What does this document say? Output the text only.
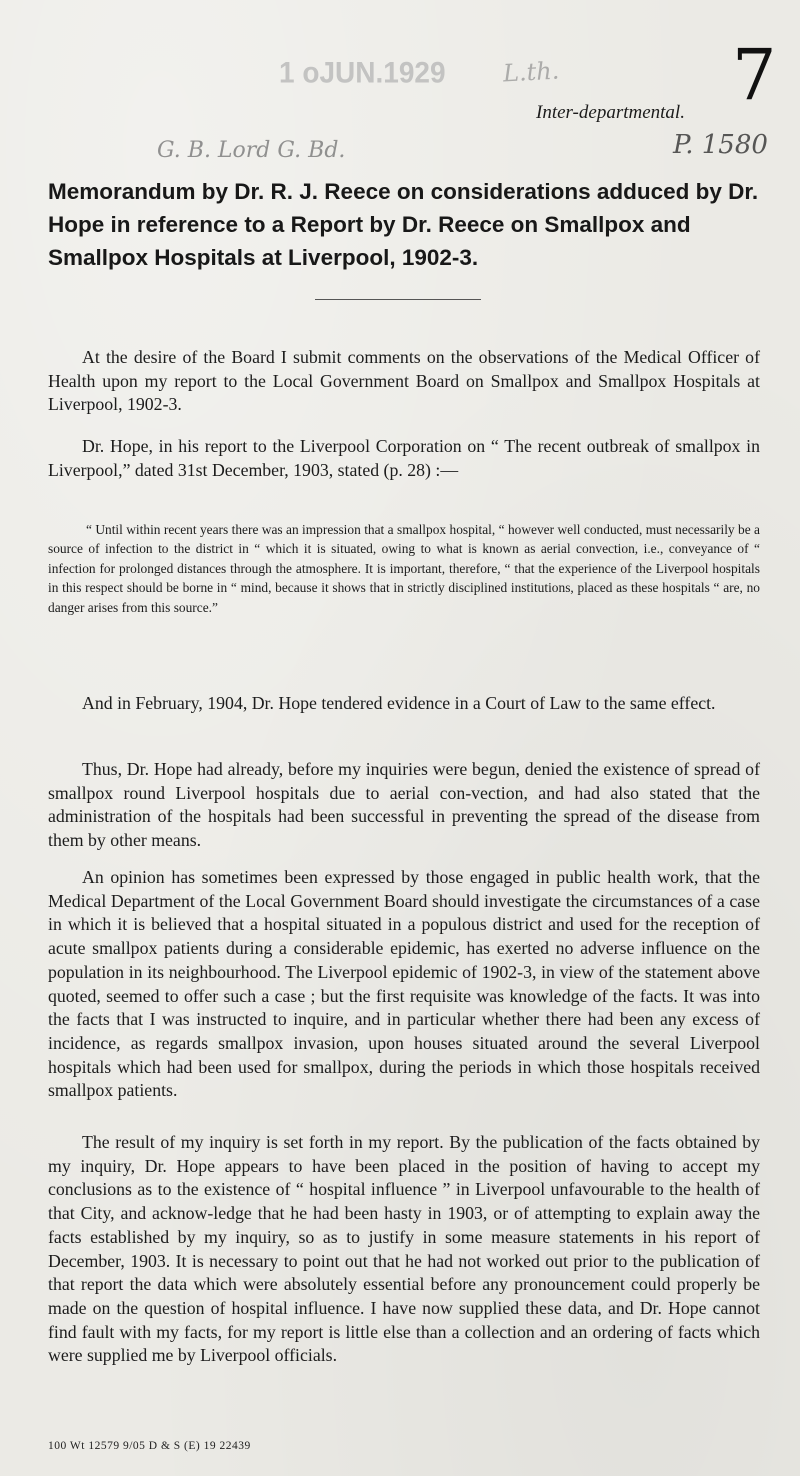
1 oJUN.1929 L.th. 7
Inter-departmental.
G. B. Lord G. Bd.	P. 1580
Memorandum by Dr. R. J. Reece on considerations adduced by Dr. Hope in reference to a Report by Dr. Reece on Smallpox and Smallpox Hospitals at Liverpool, 1902-3.
At the desire of the Board I submit comments on the observations of the Medical Officer of Health upon my report to the Local Government Board on Smallpox and Smallpox Hospitals at Liverpool, 1902-3.
Dr. Hope, in his report to the Liverpool Corporation on “ The recent outbreak of smallpox in Liverpool,” dated 31st December, 1903, stated (p. 28) :—
“ Until within recent years there was an impression that a smallpox hospital, “ however well conducted, must necessarily be a source of infection to the district in “ which it is situated, owing to what is known as aerial convection, i.e., conveyance of “ infection for prolonged distances through the atmosphere. It is important, therefore, “ that the experience of the Liverpool hospitals in this respect should be borne in “ mind, because it shows that in strictly disciplined institutions, placed as these hospitals “ are, no danger arises from this source.”
And in February, 1904, Dr. Hope tendered evidence in a Court of Law to the same effect.
Thus, Dr. Hope had already, before my inquiries were begun, denied the existence of spread of smallpox round Liverpool hospitals due to aerial con-vection, and had also stated that the administration of the hospitals had been successful in preventing the spread of the disease from them by other means.
An opinion has sometimes been expressed by those engaged in public health work, that the Medical Department of the Local Government Board should investigate the circumstances of a case in which it is believed that a hospital situated in a populous district and used for the reception of acute smallpox patients during a considerable epidemic, has exerted no adverse influence on the population in its neighbourhood. The Liverpool epidemic of 1902-3, in view of the statement above quoted, seemed to offer such a case ; but the first requisite was knowledge of the facts. It was into the facts that I was instructed to inquire, and in particular whether there had been any excess of incidence, as regards smallpox invasion, upon houses situated around the several Liverpool hospitals which had been used for smallpox, during the periods in which those hospitals received smallpox patients.
The result of my inquiry is set forth in my report. By the publication of the facts obtained by my inquiry, Dr. Hope appears to have been placed in the position of having to accept my conclusions as to the existence of “ hospital influence ” in Liverpool unfavourable to the health of that City, and acknow-ledge that he had been hasty in 1903, or of attempting to explain away the facts established by my inquiry, so as to justify in some measure statements in his report of December, 1903. It is necessary to point out that he had not worked out prior to the publication of that report the data which were absolutely essential before any pronouncement could properly be made on the question of hospital influence. I have now supplied these data, and Dr. Hope cannot find fault with my facts, for my report is little else than a collection and an ordering of facts which were supplied me by Liverpool officials.
100 Wt 12579 9/05 D & S (E) 19 22439
